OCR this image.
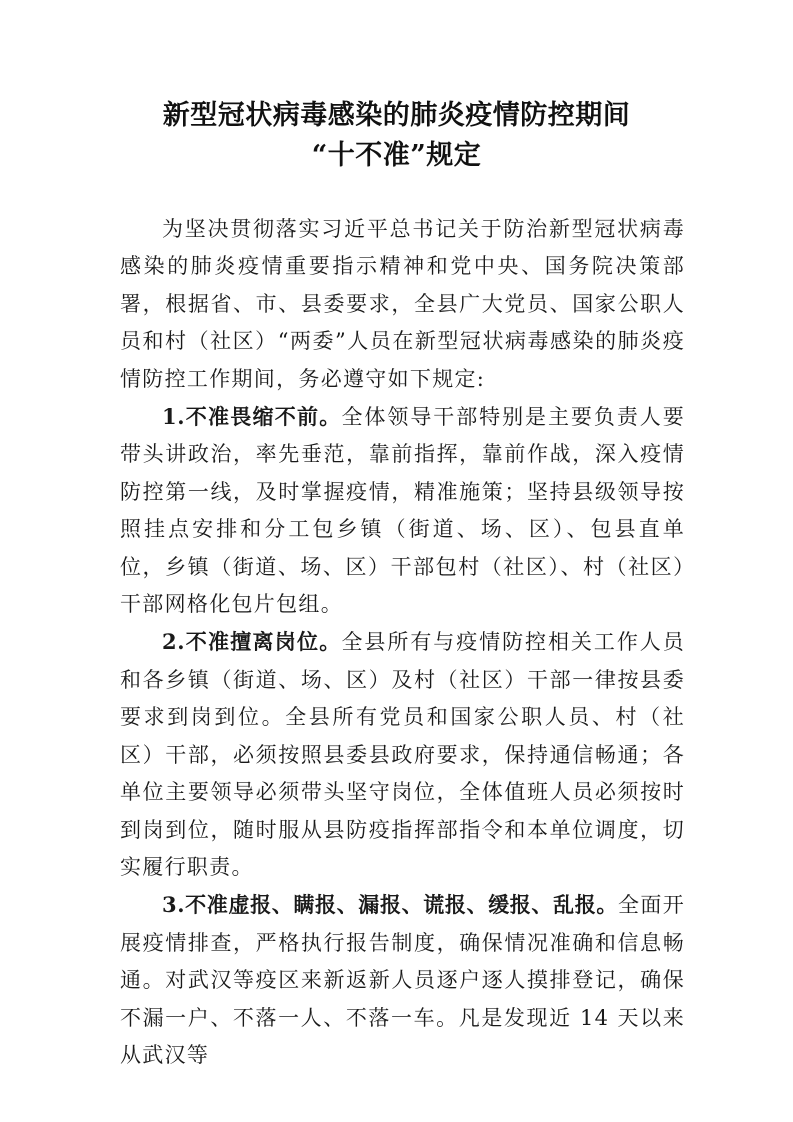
新型冠状病毒感染的肺炎疫情防控期间
“十不准”规定

为坚决贯彻落实习近平总书记关于防治新型冠状病毒感染的肺炎疫情重要指示精神和党中央、国务院决策部署，根据省、市、县委要求，全县广大党员、国家公职人员和村（社区）“两委”人员在新型冠状病毒感染的肺炎疫情防控工作期间，务必遵守如下规定:

1.不准畏缩不前。全体领导干部特别是主要负责人要带头讲政治，率先垂范，靠前指挥，靠前作战，深入疫情防控第一线，及时掌握疫情，精准施策；坚持县级领导按照挂点安排和分工包乡镇（街道、场、区）、包县直单位，乡镇（街道、场、区）干部包村（社区）、村（社区）干部网格化包片包组。

2.不准擅离岗位。全县所有与疫情防控相关工作人员和各乡镇（街道、场、区）及村（社区）干部一律按县委要求到岗到位。全县所有党员和国家公职人员、村（社区）干部，必须按照县委县政府要求，保持通信畅通；各单位主要领导必须带头坚守岗位，全体值班人员必须按时到岗到位，随时服从县防疫指挥部指令和本单位调度，切实履行职责。

3.不准虚报、瞒报、漏报、谎报、缓报、乱报。全面开展疫情排查，严格执行报告制度，确保情况准确和信息畅通。对武汉等疫区来新返新人员逐户逐人摸排登记，确保不漏一户、不落一人、不落一车。凡是发现近 14 天以来从武汉等
